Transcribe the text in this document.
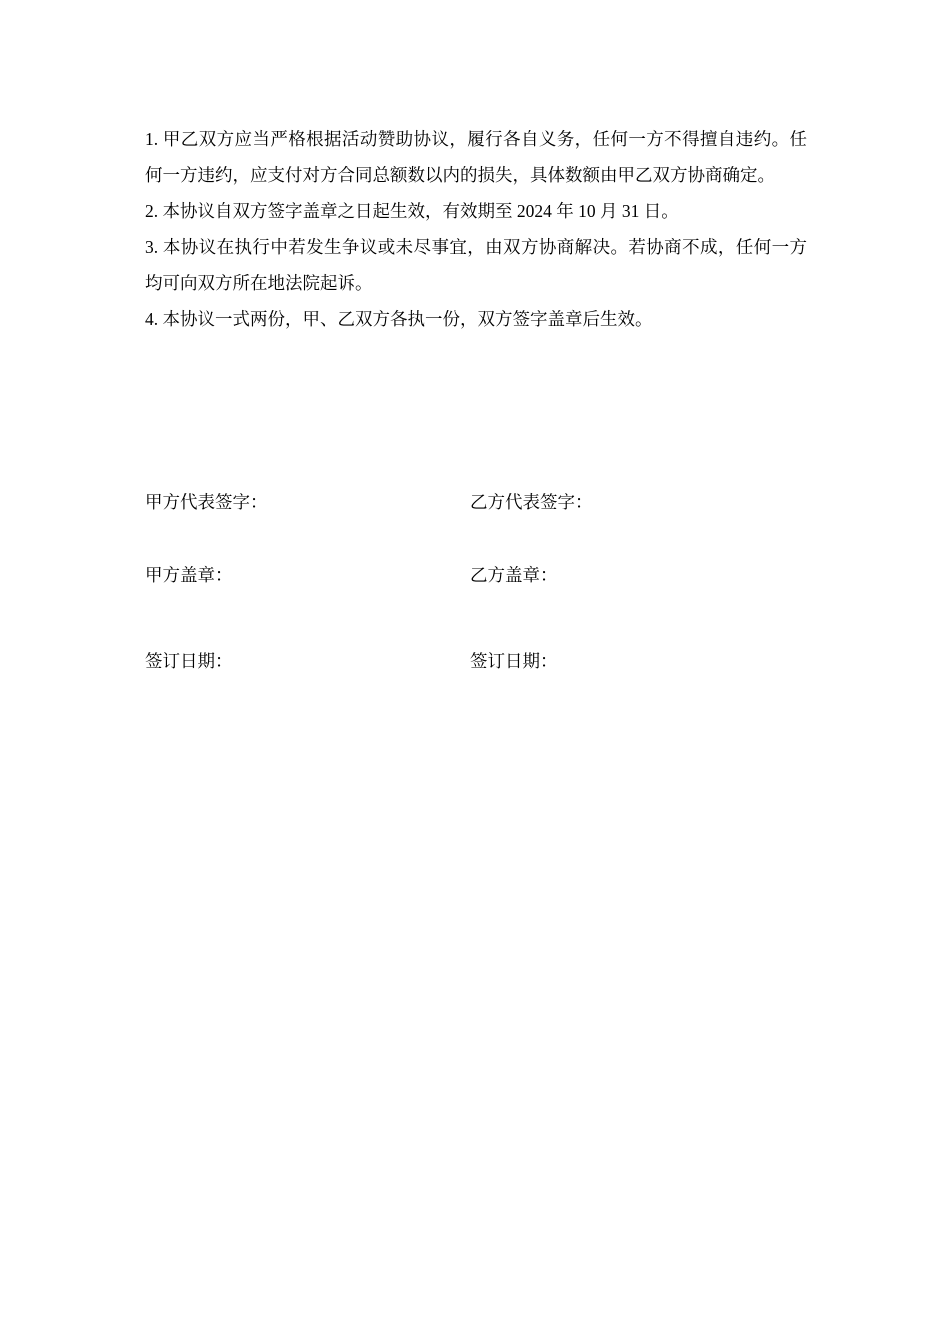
1. 甲乙双方应当严格根据活动赞助协议，履行各自义务，任何一方不得擅自违约。任何一方违约，应支付对方合同总额数以内的损失，具体数额由甲乙双方协商确定。
2. 本协议自双方签字盖章之日起生效，有效期至 2024 年 10 月 31 日。
3. 本协议在执行中若发生争议或未尽事宜，由双方协商解决。若协商不成，任何一方均可向双方所在地法院起诉。
4. 本协议一式两份，甲、乙双方各执一份，双方签字盖章后生效。
甲方代表签字：	乙方代表签字：
甲方盖章：	乙方盖章：
签订日期：	签订日期：
